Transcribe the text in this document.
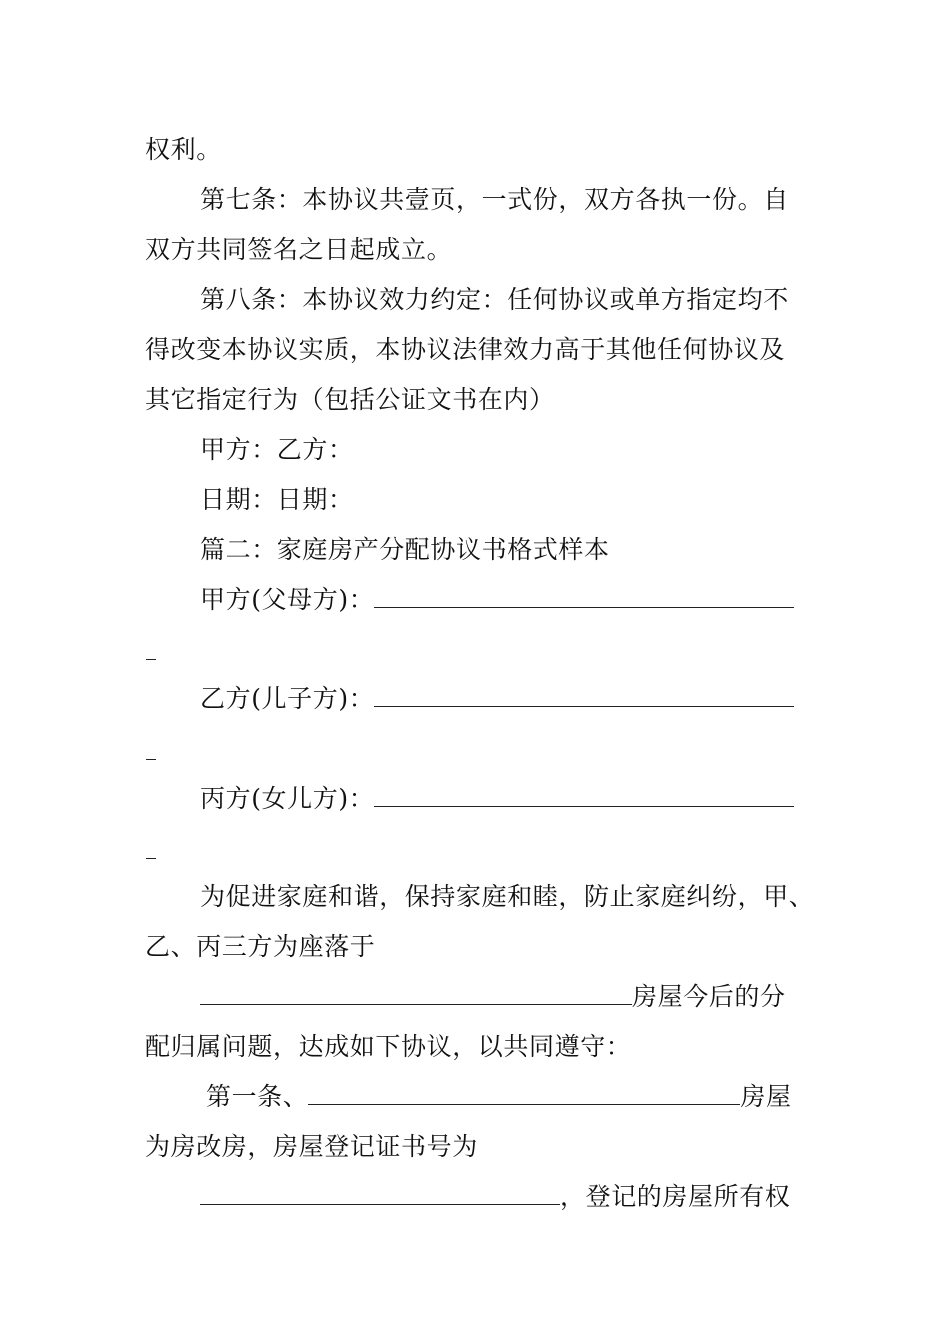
权利。
第七条：本协议共壹页，一式份，双方各执一份。自
双方共同签名之日起成立。
第八条：本协议效力约定：任何协议或单方指定均不
得改变本协议实质，本协议法律效力高于其他任何协议及
其它指定行为（包括公证文书在内）
甲方：乙方：
日期：日期：
篇二：家庭房产分配协议书格式样本
甲方(父母方)：
乙方(儿子方)：
丙方(女儿方)：
为促进家庭和谐，保持家庭和睦，防止家庭纠纷，甲、
乙、丙三方为座落于
房屋今后的分
配归属问题，达成如下协议，以共同遵守：
第一条、	房屋
为房改房，房屋登记证书号为
，登记的房屋所有权
